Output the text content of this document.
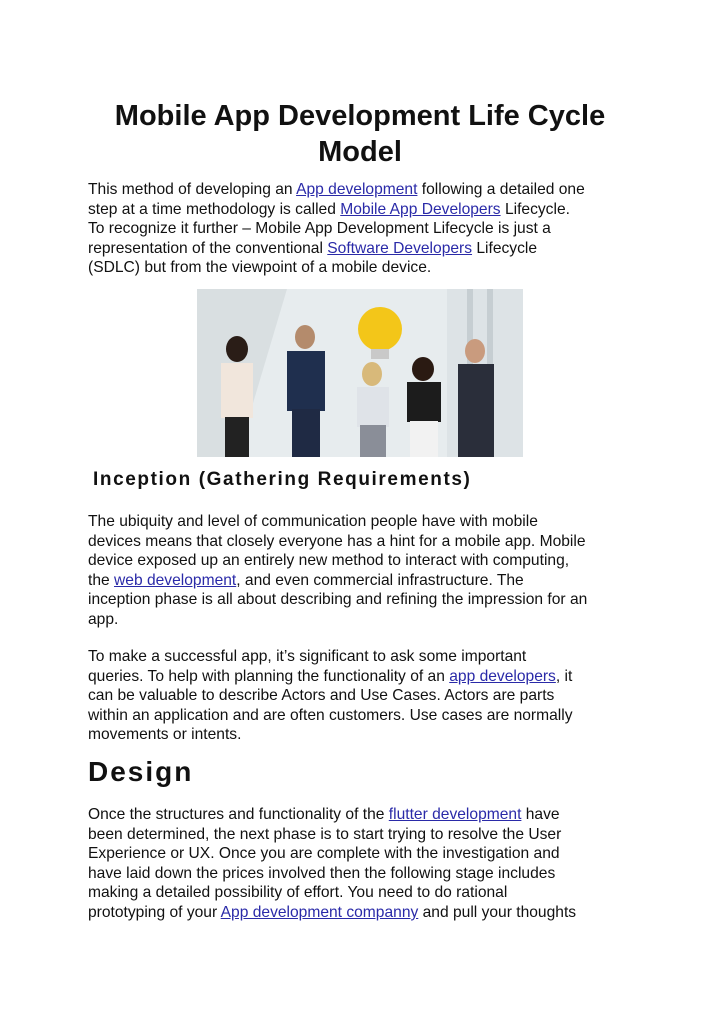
Mobile App Development Life Cycle
Model
This method of developing an App development following a detailed one
step at a time methodology is called Mobile App Developers Lifecycle.
To recognize it further – Mobile App Development Lifecycle is just a
representation of the conventional Software Developers Lifecycle
(SDLC) but from the viewpoint of a mobile device.
Inception (Gathering Requirements)
The ubiquity and level of communication people have with mobile
devices means that closely everyone has a hint for a mobile app. Mobile
device exposed up an entirely new method to interact with computing,
the web development, and even commercial infrastructure. The
inception phase is all about describing and refining the impression for an
app.
To make a successful app, it’s significant to ask some important
queries. To help with planning the functionality of an app developers, it
can be valuable to describe Actors and Use Cases. Actors are parts
within an application and are often customers. Use cases are normally
movements or intents.
Design
Once the structures and functionality of the flutter development have
been determined, the next phase is to start trying to resolve the User
Experience or UX. Once you are complete with the investigation and
have laid down the prices involved then the following stage includes
making a detailed possibility of effort. You need to do rational
prototyping of your App development companny and pull your thoughts
